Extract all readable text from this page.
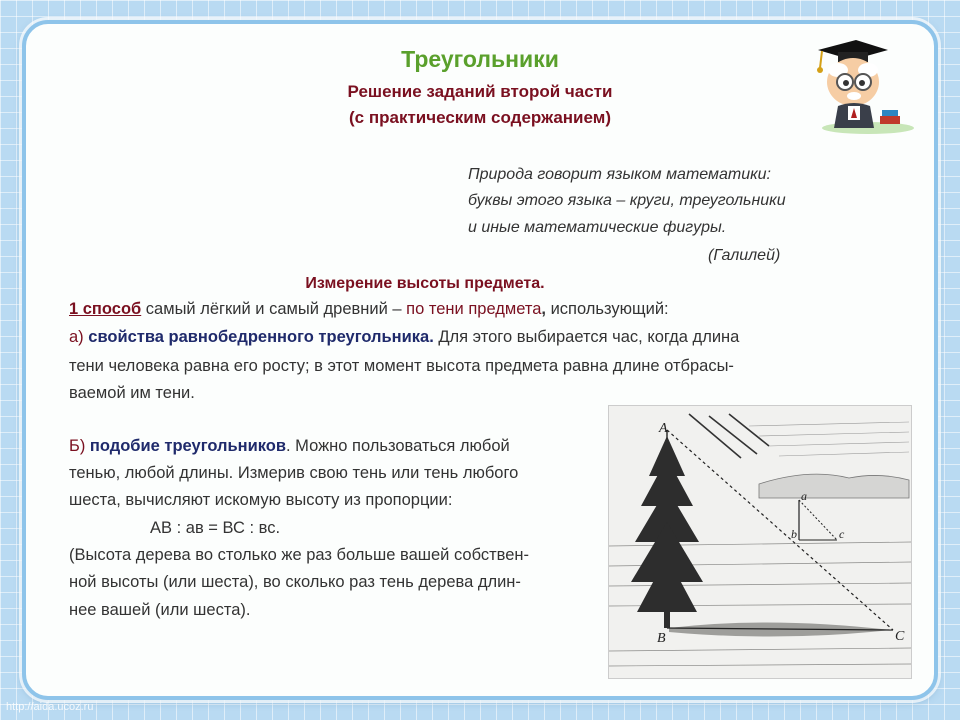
Треугольники
Решение заданий второй части
(с практическим содержанием)
Природа говорит языком математики:
буквы этого языка – круги, треугольники
и иные математические фигуры.
(Галилей)
Измерение высоты предмета.
1 способ самый лёгкий и самый древний – по тени предмета, использующий:
а) свойства равнобедренного треугольника. Для этого выбирается час, когда длина
тени человека равна его росту; в этот момент высота предмета равна длине отбрасы-
ваемой им тени.
Б) подобие треугольников. Можно пользоваться любой
тенью, любой длины. Измерив свою тень или тень любого
шеста, вычисляют искомую высоту из пропорции:
АВ : ав = ВС : вс.
(Высота дерева во столько же раз больше вашей собствен-
ной высоты (или шеста), во сколько раз тень дерева длин-
нее вашей (или шеста).
A
B	C
a
b	c
http://aida.ucoz.ru
